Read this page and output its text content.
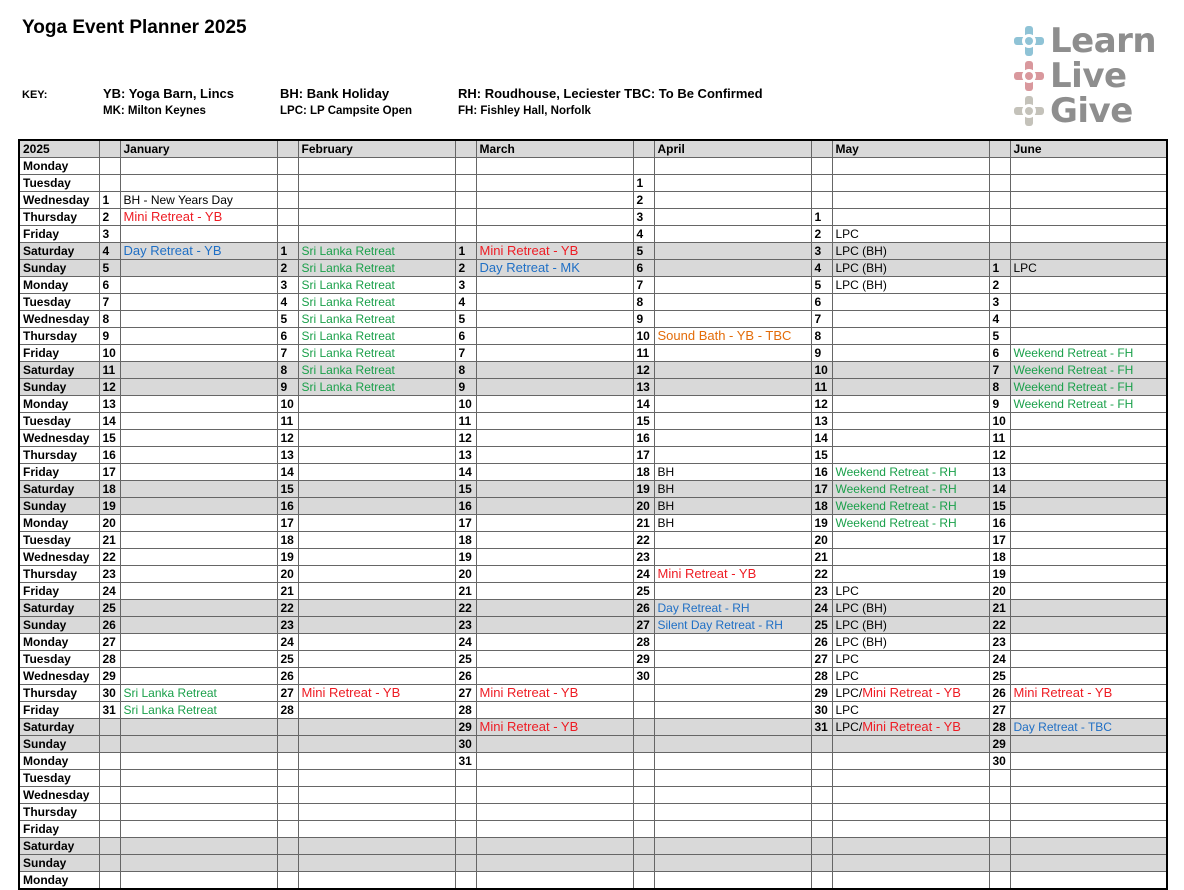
Yoga Event Planner 2025
KEY:	YB: Yoga Barn, Lincs	BH: Bank Holiday	RH: Roudhouse, Leciester TBC: To Be Confirmed
MK: Milton Keynes	LPC: LP Campsite Open	FH: Fishley Hall, Norfolk
Learn
Live
Give
2025		January		February		March		April		May		June
Monday												
Tuesday							1					
Wednesday	1	BH - New Years Day					2					
Thursday	2	Mini Retreat - YB					3		1			
Friday	3						4		2	LPC		
Saturday	4	Day Retreat - YB	1	Sri Lanka Retreat	1	Mini Retreat - YB	5		3	LPC (BH)		
Sunday	5		2	Sri Lanka Retreat	2	Day Retreat - MK	6		4	LPC (BH)	1	LPC
Monday	6		3	Sri Lanka Retreat	3		7		5	LPC (BH)	2	
Tuesday	7		4	Sri Lanka Retreat	4		8		6		3	
Wednesday	8		5	Sri Lanka Retreat	5		9		7		4	
Thursday	9		6	Sri Lanka Retreat	6		10	Sound Bath - YB - TBC	8		5	
Friday	10		7	Sri Lanka Retreat	7		11		9		6	Weekend Retreat - FH
Saturday	11		8	Sri Lanka Retreat	8		12		10		7	Weekend Retreat - FH
Sunday	12		9	Sri Lanka Retreat	9		13		11		8	Weekend Retreat - FH
Monday	13		10		10		14		12		9	Weekend Retreat - FH
Tuesday	14		11		11		15		13		10	
Wednesday	15		12		12		16		14		11	
Thursday	16		13		13		17		15		12	
Friday	17		14		14		18	BH	16	Weekend Retreat - RH	13	
Saturday	18		15		15		19	BH	17	Weekend Retreat - RH	14	
Sunday	19		16		16		20	BH	18	Weekend Retreat - RH	15	
Monday	20		17		17		21	BH	19	Weekend Retreat - RH	16	
Tuesday	21		18		18		22		20		17	
Wednesday	22		19		19		23		21		18	
Thursday	23		20		20		24	Mini Retreat - YB	22		19	
Friday	24		21		21		25		23	LPC	20	
Saturday	25		22		22		26	Day Retreat - RH	24	LPC (BH)	21	
Sunday	26		23		23		27	Silent Day Retreat - RH	25	LPC (BH)	22	
Monday	27		24		24		28		26	LPC (BH)	23	
Tuesday	28		25		25		29		27	LPC	24	
Wednesday	29		26		26		30		28	LPC	25	
Thursday	30	Sri Lanka Retreat	27	Mini Retreat - YB	27	Mini Retreat - YB			29	LPC/Mini Retreat - YB	26	Mini Retreat - YB
Friday	31	Sri Lanka Retreat	28		28				30	LPC	27	
Saturday					29	Mini Retreat - YB			31	LPC/Mini Retreat - YB	28	Day Retreat - TBC
Sunday					30						29	
Monday					31						30	
Tuesday												
Wednesday												
Thursday												
Friday												
Saturday												
Sunday												
Monday												
